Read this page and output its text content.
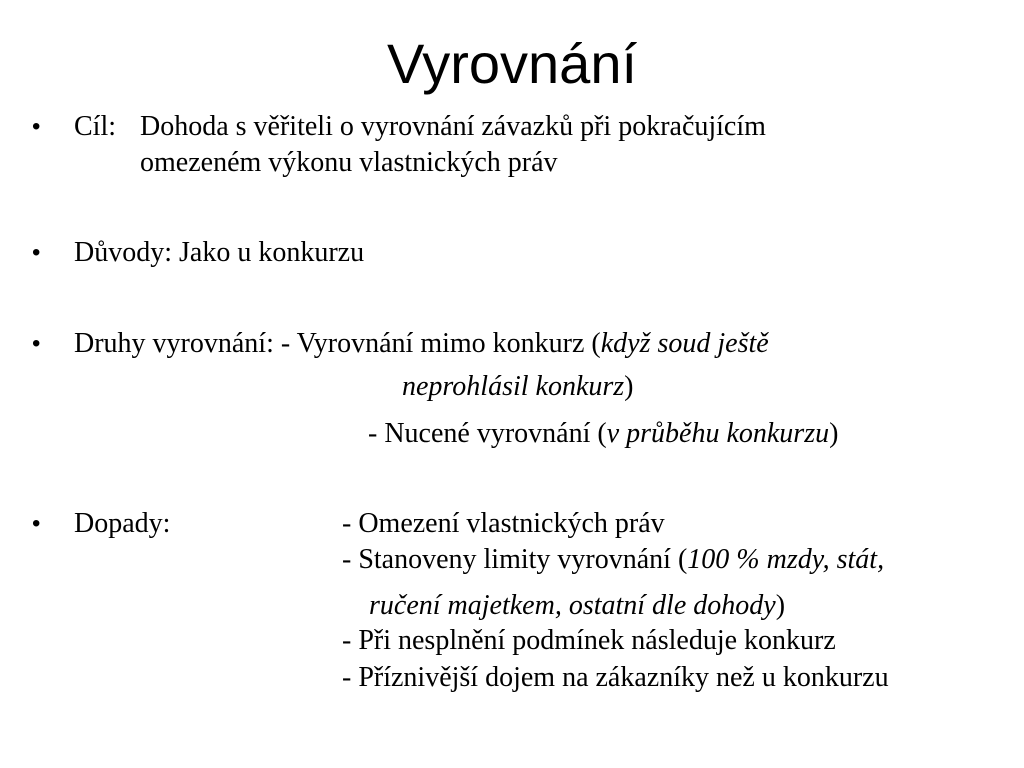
Vyrovnání
• Cíl: Dohoda s věřiteli o vyrovnání závazků při pokračujícím
omezeném výkonu vlastnických práv
• Důvody: Jako u konkurzu
• Druhy vyrovnání: - Vyrovnání mimo konkurz (když soud ještě
neprohlásil konkurz)
- Nucené vyrovnání (v průběhu konkurzu)
• Dopady:	- Omezení vlastnických práv
- Stanoveny limity vyrovnání (100 % mzdy, stát,
ručení majetkem, ostatní dle dohody)
- Při nesplnění podmínek následuje konkurz
- Příznivější dojem na zákazníky než u konkurzu
